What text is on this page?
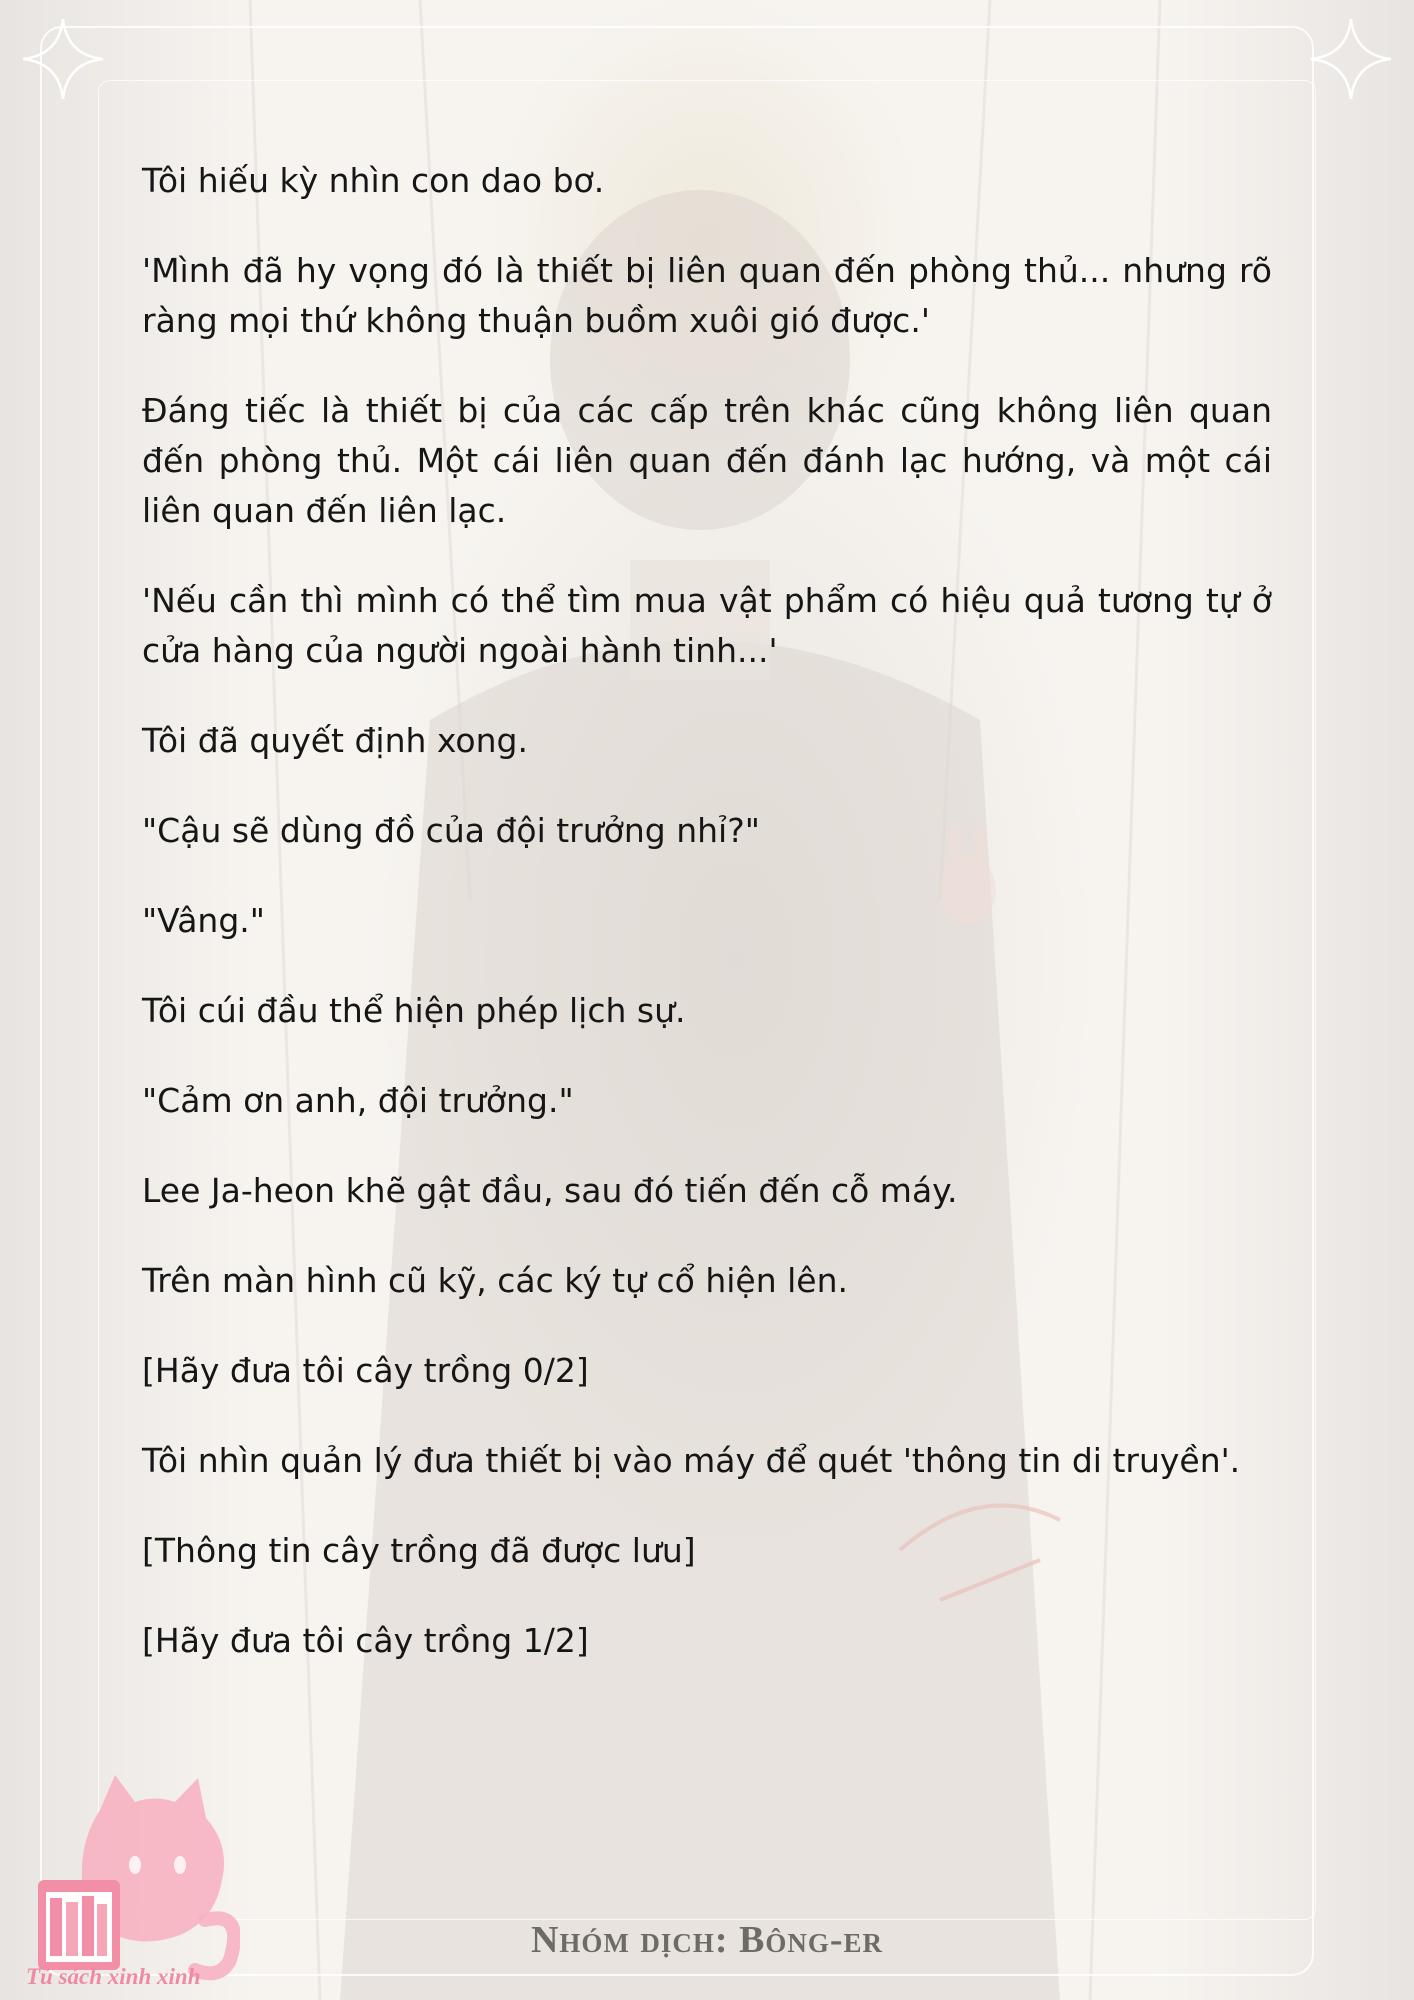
Tôi hiếu kỳ nhìn con dao bơ.

'Mình đã hy vọng đó là thiết bị liên quan đến phòng thủ... nhưng rõ ràng mọi thứ không thuận buồm xuôi gió được.'

Đáng tiếc là thiết bị của các cấp trên khác cũng không liên quan đến phòng thủ. Một cái liên quan đến đánh lạc hướng, và một cái liên quan đến liên lạc.

'Nếu cần thì mình có thể tìm mua vật phẩm có hiệu quả tương tự ở cửa hàng của người ngoài hành tinh...'

Tôi đã quyết định xong.

"Cậu sẽ dùng đồ của đội trưởng nhỉ?"

"Vâng."

Tôi cúi đầu thể hiện phép lịch sự.

"Cảm ơn anh, đội trưởng."

Lee Ja-heon khẽ gật đầu, sau đó tiến đến cỗ máy.

Trên màn hình cũ kỹ, các ký tự cổ hiện lên.

[Hãy đưa tôi cây trồng 0/2]

Tôi nhìn quản lý đưa thiết bị vào máy để quét 'thông tin di truyền'.

[Thông tin cây trồng đã được lưu]

[Hãy đưa tôi cây trồng 1/2]

Tủ sách xinh xinh
Nhóm dịch: Bông-er
